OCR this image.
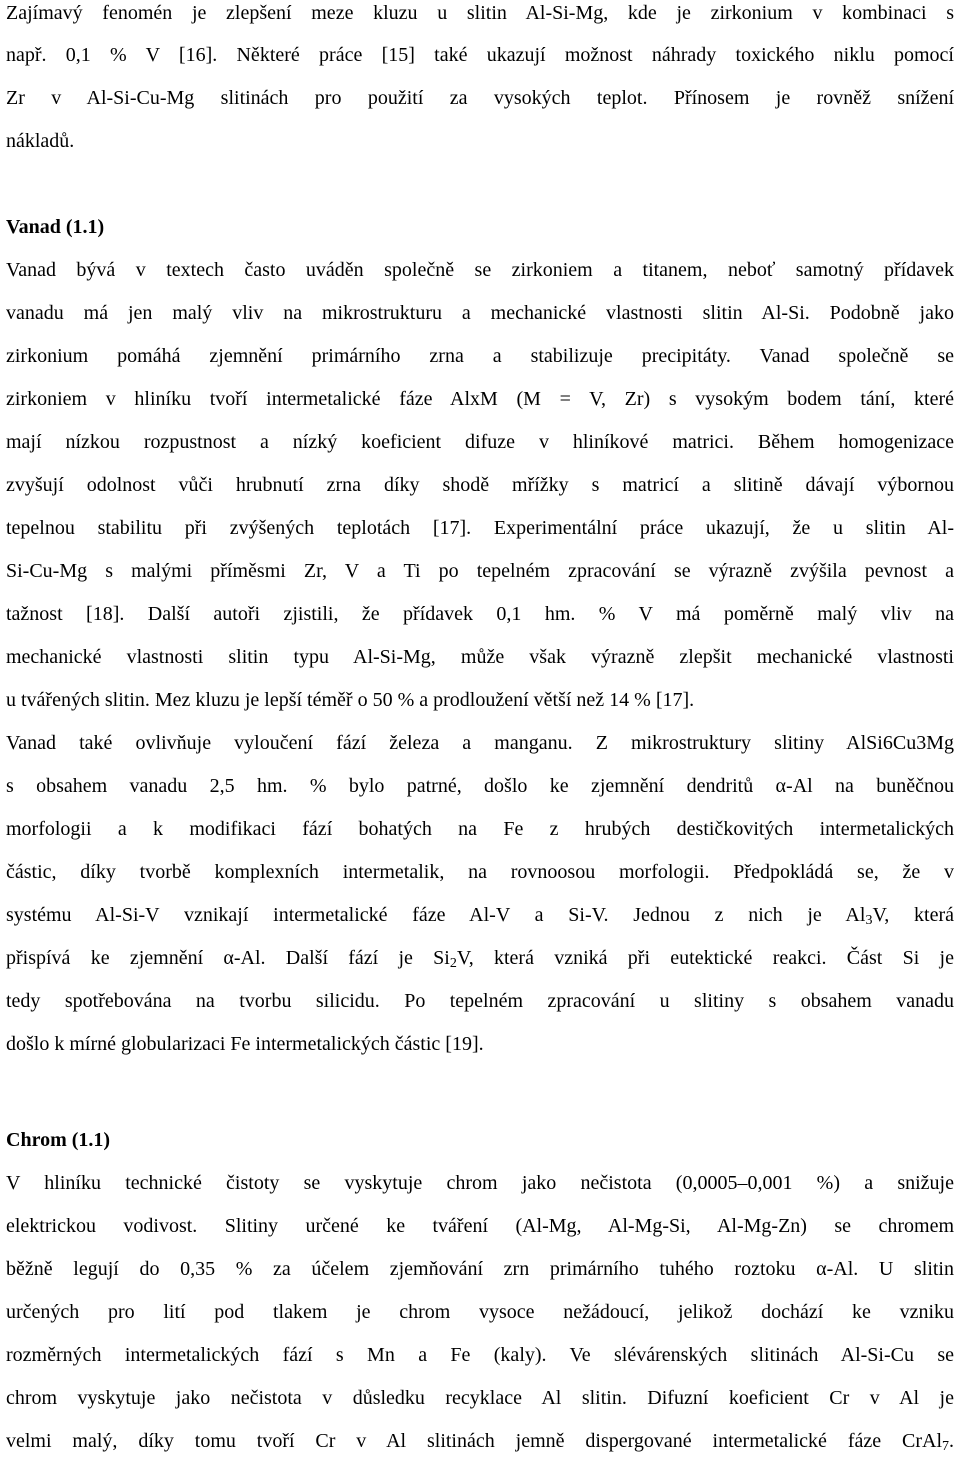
Zajímavý fenomén je zlepšení meze kluzu u slitin Al-Si-Mg, kde je zirkonium v kombinaci s
např. 0,1 % V [16]. Některé práce [15] také ukazují možnost náhrady toxického niklu pomocí
Zr v Al-Si-Cu-Mg slitinách pro použití za vysokých teplot. Přínosem je rovněž snížení
nákladů.
Vanad (1.1)
Vanad bývá v textech často uváděn společně se zirkoniem a titanem, neboť samotný přídavek
vanadu má jen malý vliv na mikrostrukturu a mechanické vlastnosti slitin Al-Si. Podobně jako
zirkonium pomáhá zjemnění primárního zrna a stabilizuje precipitáty. Vanad společně se
zirkoniem v hliníku tvoří intermetalické fáze AlxM (M = V, Zr) s vysokým bodem tání, které
mají nízkou rozpustnost a nízký koeficient difuze v hliníkové matrici. Během homogenizace
zvyšují odolnost vůči hrubnutí zrna díky shodě mřížky s matricí a slitině dávají výbornou
tepelnou stabilitu při zvýšených teplotách [17]. Experimentální práce ukazují, že u slitin Al-
Si-Cu-Mg s malými příměsmi Zr, V a Ti po tepelném zpracování se výrazně zvýšila pevnost a
tažnost [18]. Další autoři zjistili, že přídavek 0,1 hm. % V má poměrně malý vliv na
mechanické vlastnosti slitin typu Al-Si-Mg, může však výrazně zlepšit mechanické vlastnosti
u tvářených slitin. Mez kluzu je lepší téměř o 50 % a prodloužení větší než 14 % [17].
Vanad také ovlivňuje vyloučení fází železa a manganu. Z mikrostruktury slitiny AlSi6Cu3Mg
s obsahem vanadu 2,5 hm. % bylo patrné, došlo ke zjemnění dendritů α-Al na buněčnou
morfologii a k modifikaci fází bohatých na Fe z hrubých destičkovitých intermetalických
částic, díky tvorbě komplexních intermetalik, na rovnoosou morfologii. Předpokládá se, že v
systému Al-Si-V vznikají intermetalické fáze Al-V a Si-V. Jednou z nich je $Al_3V$, která
přispívá ke zjemnění α-Al. Další fází je $Si_2V$, která vzniká při eutektické reakci. Část Si je
tedy spotřebována na tvorbu silicidu. Po tepelném zpracování u slitiny s obsahem vanadu
došlo k mírné globularizaci Fe intermetalických částic [19].
Chrom (1.1)
V hliníku technické čistoty se vyskytuje chrom jako nečistota (0,0005–0,001 %) a snižuje
elektrickou vodivost. Slitiny určené ke tváření (Al-Mg, Al-Mg-Si, Al-Mg-Zn) se chromem
běžně legují do 0,35 % za účelem zjemňování zrn primárního tuhého roztoku α-Al. U slitin
určených pro lití pod tlakem je chrom vysoce nežádoucí, jelikož dochází ke vzniku
rozměrných intermetalických fází s Mn a Fe (kaly). Ve slévárenských slitinách Al-Si-Cu se
chrom vyskytuje jako nečistota v důsledku recyklace Al slitin. Difuzní koeficient Cr v Al je
velmi malý, díky tomu tvoří Cr v Al slitinách jemně dispergované intermetalické fáze CrAl$_7$.
